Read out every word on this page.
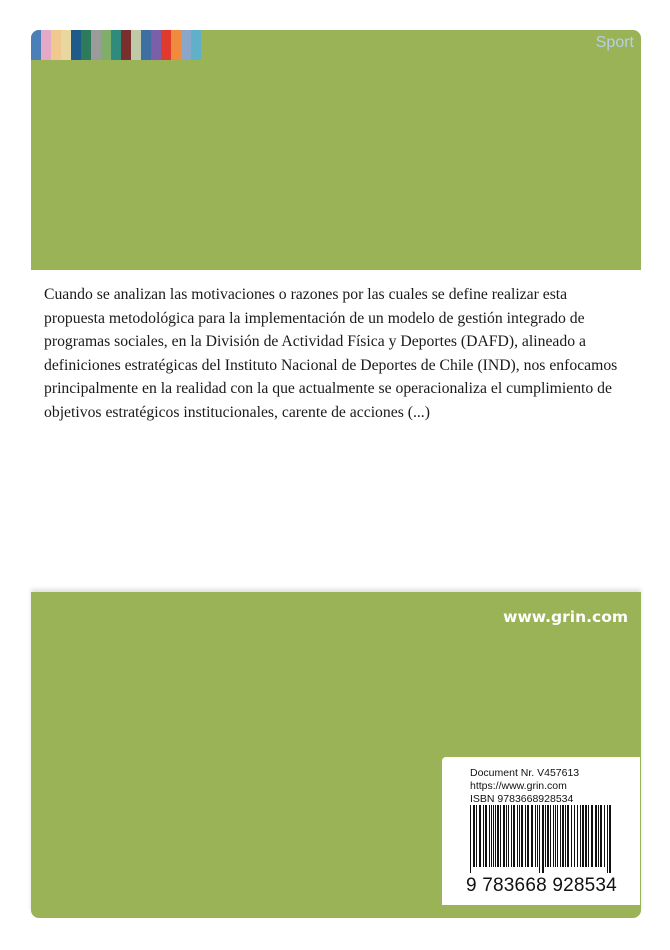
Sport

Cuando se analizan las motivaciones o razones por las cuales se define realizar esta propuesta metodológica para la implementación de un modelo de gestión integrado de programas sociales, en la División de Actividad Física y Deportes (DAFD), alineado a definiciones estratégicas del Instituto Nacional de Deportes de Chile (IND), nos enfocamos principalmente en la realidad con la que actualmente se operacionaliza el cumplimiento de objetivos estratégicos institucionales, carente de acciones (...)

www.grin.com
Document Nr. V457613
https://www.grin.com
ISBN 9783668928534
9 783668 928534
